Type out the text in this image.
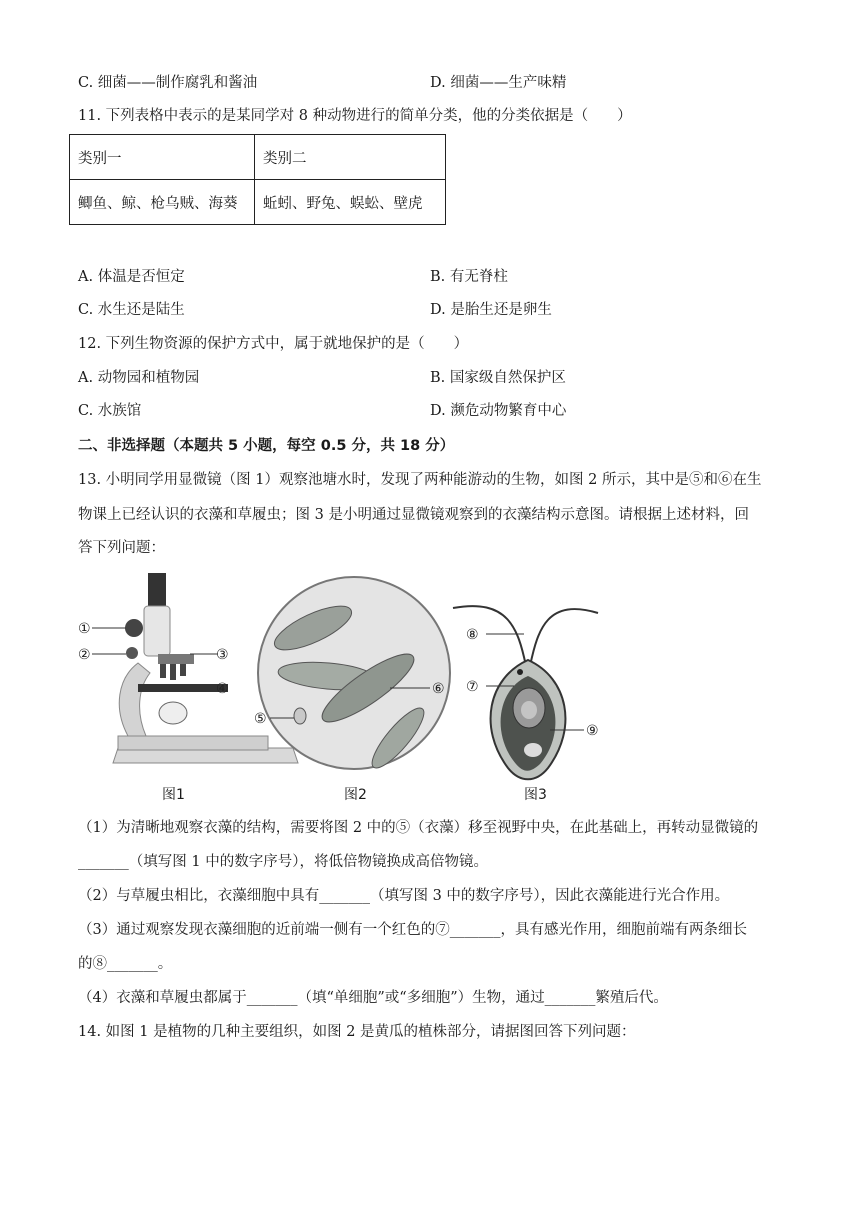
C. 细菌——制作腐乳和酱油	D. 细菌——生产味精
11. 下列表格中表示的是某同学对 8 种动物进行的简单分类，他的分类依据是（　　）
类别一	类别二
鲫鱼、鲸、枪乌贼、海葵	蚯蚓、野兔、蜈蚣、壁虎
A. 体温是否恒定	B. 有无脊柱
C. 水生还是陆生	D. 是胎生还是卵生
12. 下列生物资源的保护方式中，属于就地保护的是（　　）
A. 动物园和植物园	B. 国家级自然保护区
C. 水族馆	D. 濒危动物繁育中心
二、非选择题（本题共 5 小题，每空 0.5 分，共 18 分）
13. 小明同学用显微镜（图 1）观察池塘水时，发现了两种能游动的生物，如图 2 所示，其中是⑤和⑥在生
物课上已经认识的衣藻和草履虫；图 3 是小明通过显微镜观察到的衣藻结构示意图。请根据上述材料，回
答下列问题：
①
②	③
④
⑤
⑥
⑧
⑦
⑨
图1	图2	图3
（1）为清晰地观察衣藻的结构，需要将图 2 中的⑤（衣藻）移至视野中央，在此基础上，再转动显微镜的
_______（填写图 1 中的数字序号），将低倍物镜换成高倍物镜。
（2）与草履虫相比，衣藻细胞中具有_______（填写图 3 中的数字序号），因此衣藻能进行光合作用。
（3）通过观察发现衣藻细胞的近前端一侧有一个红色的⑦_______，具有感光作用，细胞前端有两条细长
的⑧_______。
（4）衣藻和草履虫都属于_______（填“单细胞”或“多细胞”）生物，通过_______繁殖后代。
14. 如图 1 是植物的几种主要组织，如图 2 是黄瓜的植株部分，请据图回答下列问题：
